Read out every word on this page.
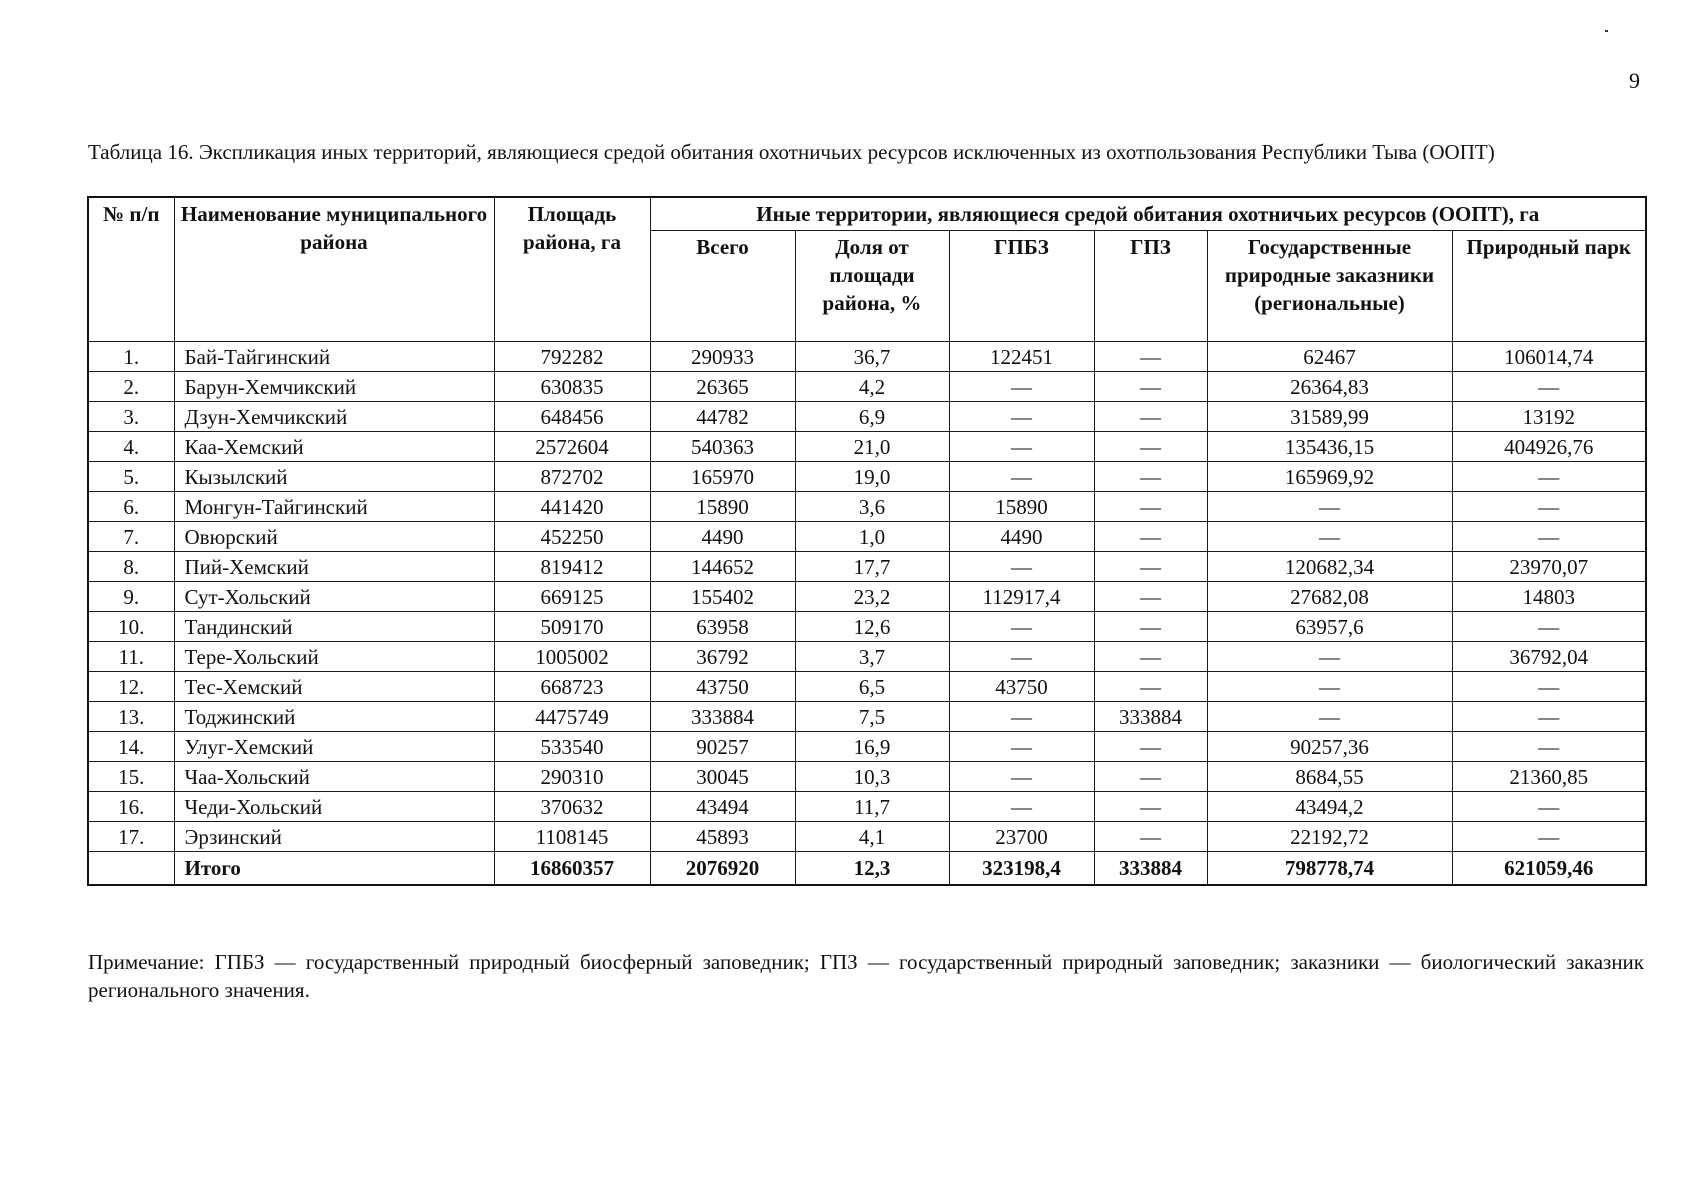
9
Таблица 16. Экспликация иных территорий, являющиеся средой обитания охотничьих ресурсов исключенных из охотпользования Республики Тыва (ООПТ)
№ п/п	Наименование муниципального района	Площадь района, га	Иные территории, являющиеся средой обитания охотничьих ресурсов (ООПТ), га					
			Всего	Доля от площади района, %	ГПБЗ	ГПЗ	Государственные природные заказники (региональные)	Природный парк
1.	Бай-Тайгинский	792282	290933	36,7	122451	—	62467	106014,74
2.	Барун-Хемчикский	630835	26365	4,2	—	—	26364,83	—
3.	Дзун-Хемчикский	648456	44782	6,9	—	—	31589,99	13192
4.	Каа-Хемский	2572604	540363	21,0	—	—	135436,15	404926,76
5.	Кызылский	872702	165970	19,0	—	—	165969,92	—
6.	Монгун-Тайгинский	441420	15890	3,6	15890	—	—	—
7.	Овюрский	452250	4490	1,0	4490	—	—	—
8.	Пий-Хемский	819412	144652	17,7	—	—	120682,34	23970,07
9.	Сут-Хольский	669125	155402	23,2	112917,4	—	27682,08	14803
10.	Тандинский	509170	63958	12,6	—	—	63957,6	—
11.	Тере-Хольский	1005002	36792	3,7	—	—	—	36792,04
12.	Тес-Хемский	668723	43750	6,5	43750	—	—	—
13.	Тоджинский	4475749	333884	7,5	—	333884	—	—
14.	Улуг-Хемский	533540	90257	16,9	—	—	90257,36	—
15.	Чаа-Хольский	290310	30045	10,3	—	—	8684,55	21360,85
16.	Чеди-Хольский	370632	43494	11,7	—	—	43494,2	—
17.	Эрзинский	1108145	45893	4,1	23700	—	22192,72	—
	Итого	16860357	2076920	12,3	323198,4	333884	798778,74	621059,46
Примечание: ГПБЗ — государственный природный биосферный заповедник; ГПЗ — государственный природный заповедник; заказники — биологический заказник регионального значения.
